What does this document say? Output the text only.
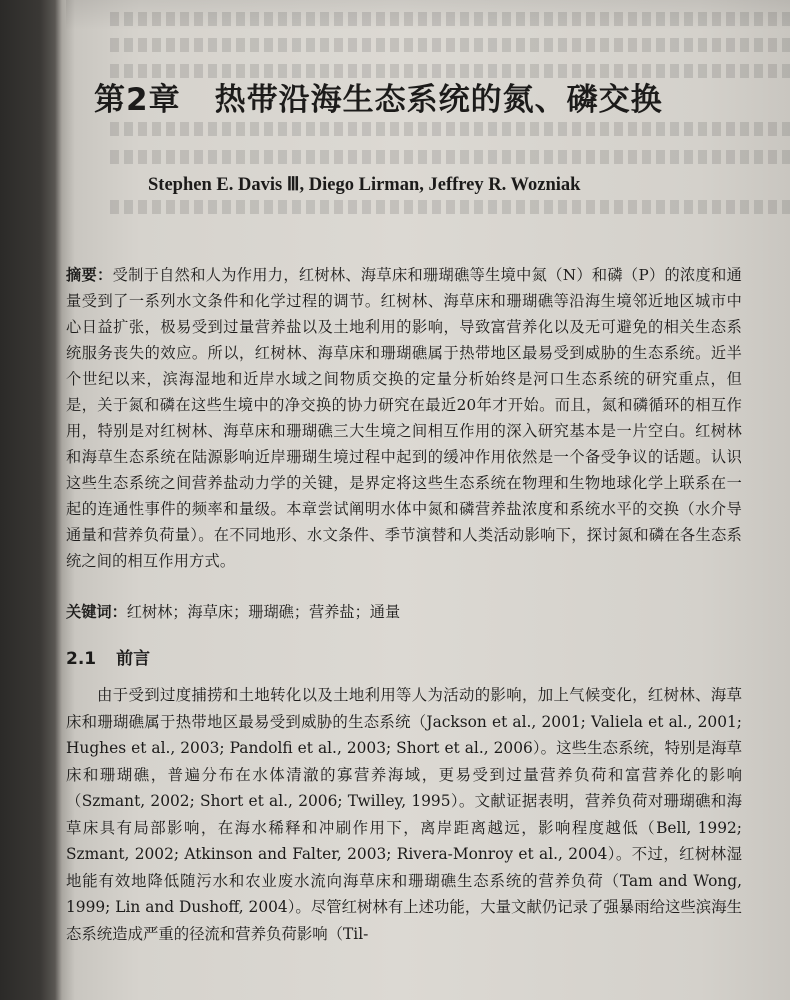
第2章 热带沿海生态系统的氮、磷交换
Stephen E. Davis Ⅲ, Diego Lirman, Jeffrey R. Wozniak
摘要：受制于自然和人为作用力，红树林、海草床和珊瑚礁等生境中氮（N）和磷（P）的浓度和通量受到了一系列水文条件和化学过程的调节。红树林、海草床和珊瑚礁等沿海生境邻近地区城市中心日益扩张，极易受到过量营养盐以及土地利用的影响，导致富营养化以及无可避免的相关生态系统服务丧失的效应。所以，红树林、海草床和珊瑚礁属于热带地区最易受到威胁的生态系统。近半个世纪以来，滨海湿地和近岸水域之间物质交换的定量分析始终是河口生态系统的研究重点，但是，关于氮和磷在这些生境中的净交换的协力研究在最近20年才开始。而且，氮和磷循环的相互作用，特别是对红树林、海草床和珊瑚礁三大生境之间相互作用的深入研究基本是一片空白。红树林和海草生态系统在陆源影响近岸珊瑚生境过程中起到的缓冲作用依然是一个备受争议的话题。认识这些生态系统之间营养盐动力学的关键，是界定将这些生态系统在物理和生物地球化学上联系在一起的连通性事件的频率和量级。本章尝试阐明水体中氮和磷营养盐浓度和系统水平的交换（水介导通量和营养负荷量）。在不同地形、水文条件、季节演替和人类活动影响下，探讨氮和磷在各生态系统之间的相互作用方式。
关键词：红树林；海草床；珊瑚礁；营养盐；通量
2.1 前言
由于受到过度捕捞和土地转化以及土地利用等人为活动的影响，加上气候变化，红树林、海草床和珊瑚礁属于热带地区最易受到威胁的生态系统（Jackson et al., 2001; Valiela et al., 2001; Hughes et al., 2003; Pandolfi et al., 2003; Short et al., 2006）。这些生态系统，特别是海草床和珊瑚礁，普遍分布在水体清澈的寡营养海域，更易受到过量营养负荷和富营养化的影响（Szmant, 2002; Short et al., 2006; Twilley, 1995）。文献证据表明，营养负荷对珊瑚礁和海草床具有局部影响，在海水稀释和冲刷作用下，离岸距离越远，影响程度越低（Bell, 1992; Szmant, 2002; Atkinson and Falter, 2003; Rivera-Monroy et al., 2004）。不过，红树林湿地能有效地降低随污水和农业废水流向海草床和珊瑚礁生态系统的营养负荷（Tam and Wong, 1999; Lin and Dushoff, 2004）。尽管红树林有上述功能，大量文献仍记录了强暴雨给这些滨海生态系统造成严重的径流和营养负荷影响（Til-
